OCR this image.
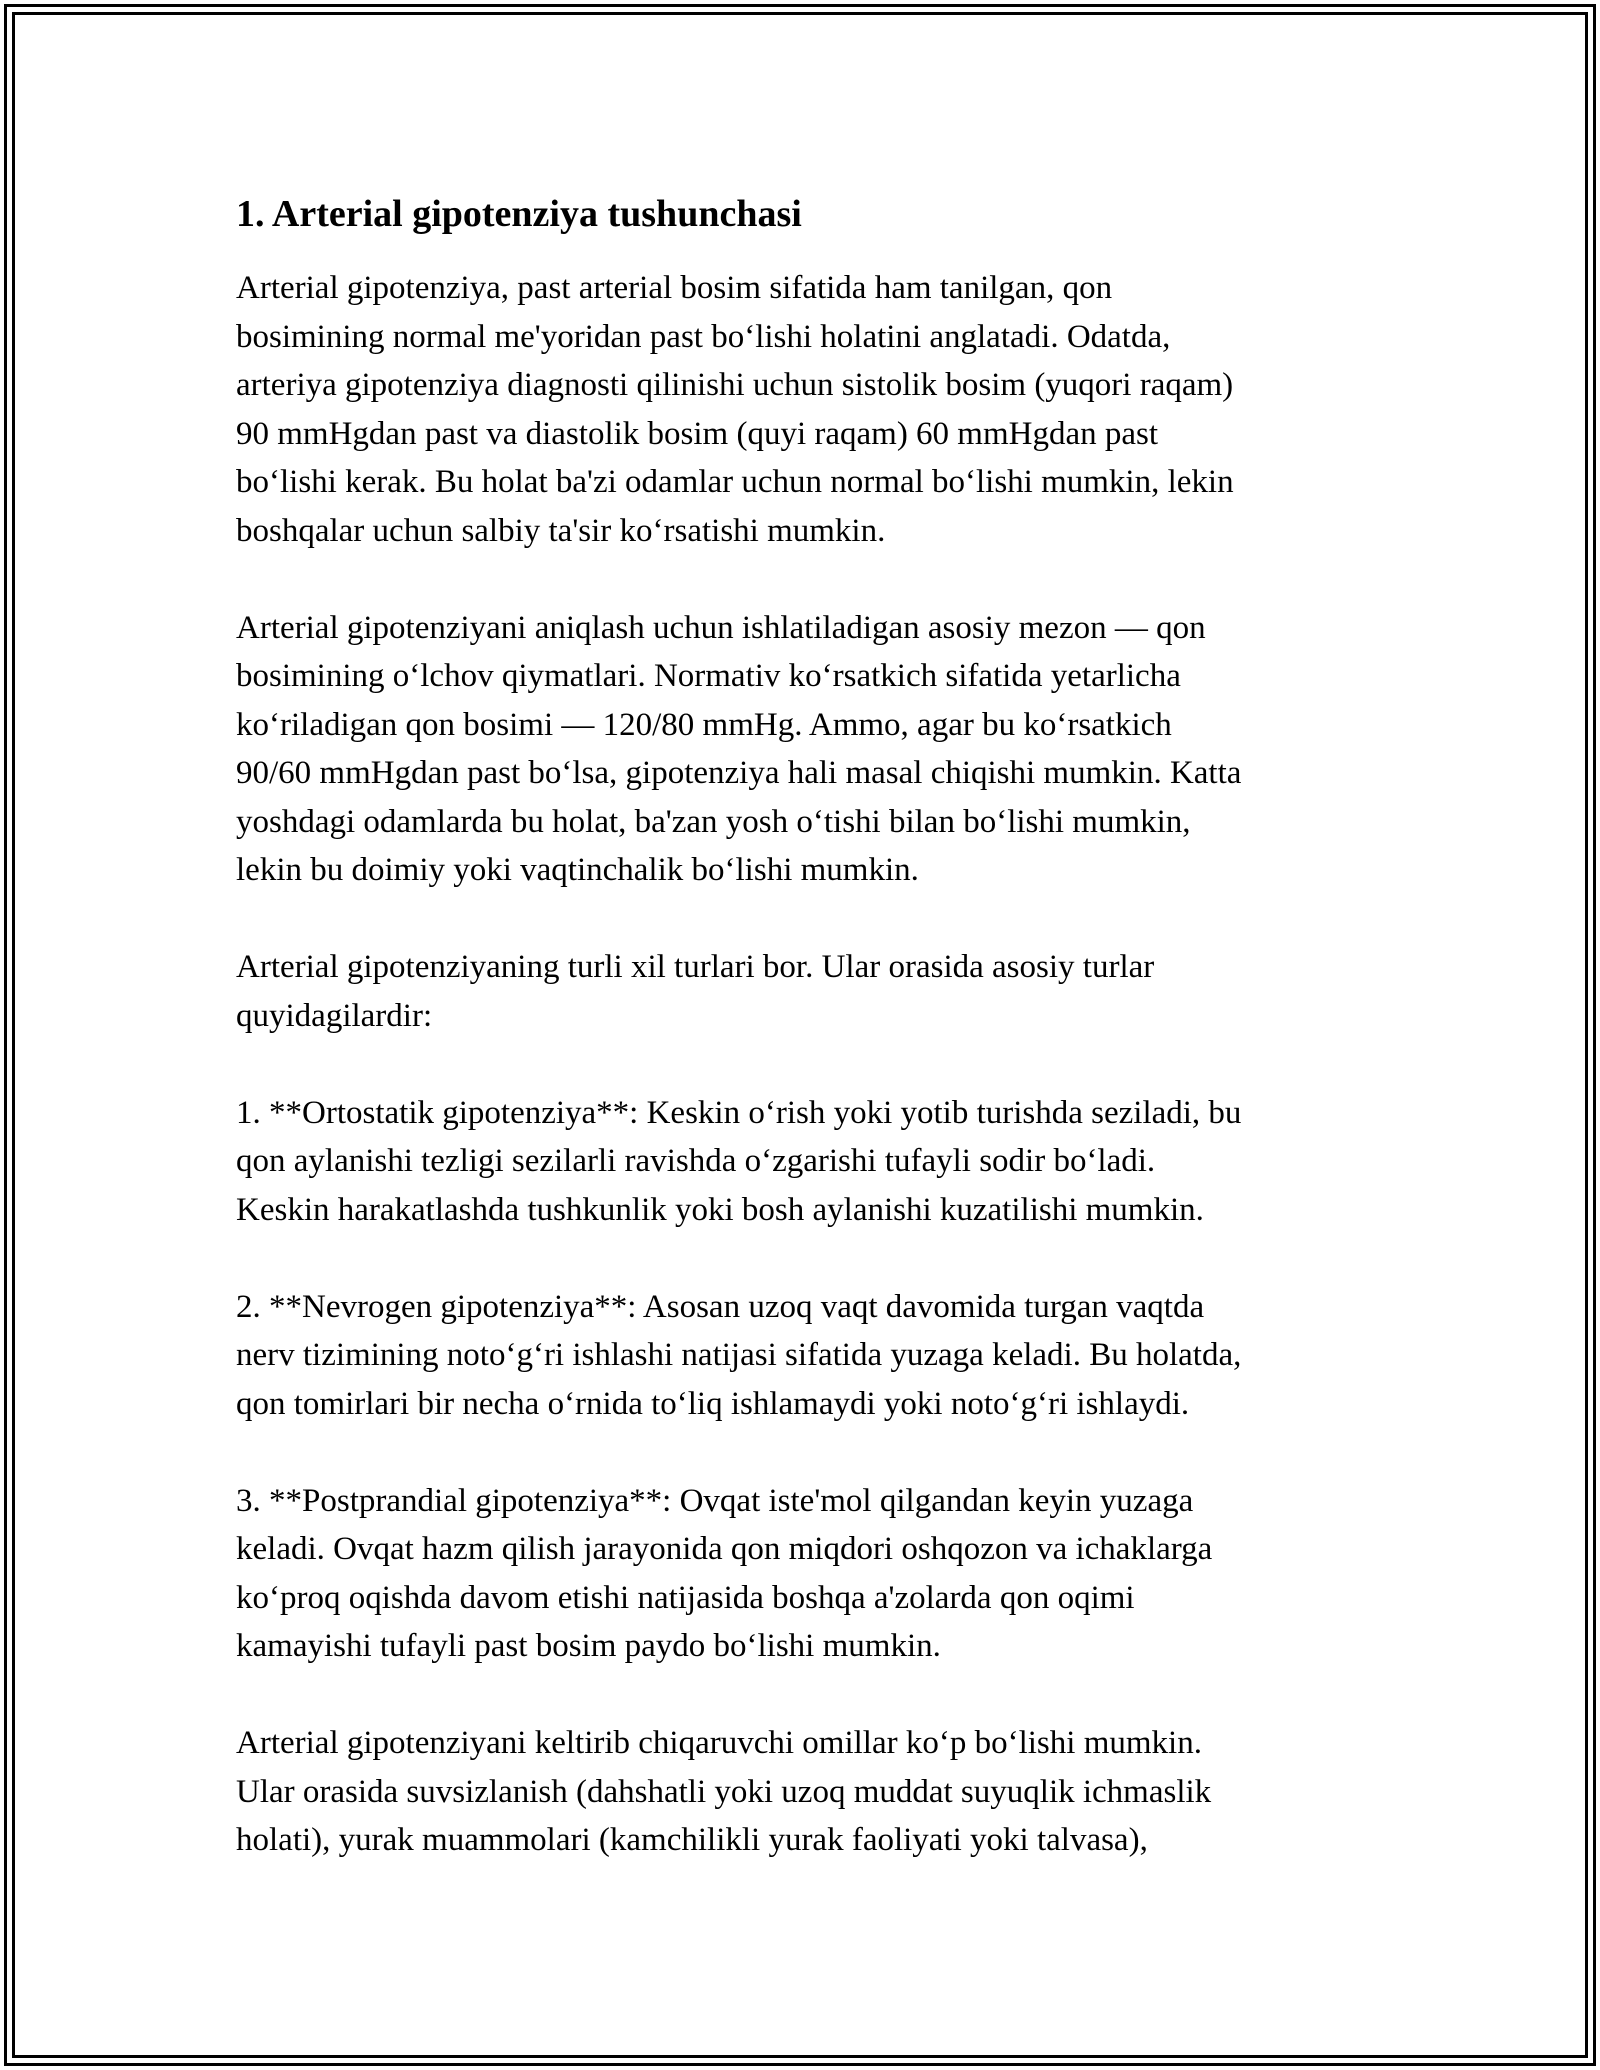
1. Arterial gipotenziya tushunchasi

Arterial gipotenziya, past arterial bosim sifatida ham tanilgan, qon

bosimining normal me'yoridan past bo‘lishi holatini anglatadi. Odatda,

arteriya gipotenziya diagnosti qilinishi uchun sistolik bosim (yuqori raqam)

90 mmHgdan past va diastolik bosim (quyi raqam) 60 mmHgdan past

bo‘lishi kerak. Bu holat ba'zi odamlar uchun normal bo‘lishi mumkin, lekin

boshqalar uchun salbiy ta'sir ko‘rsatishi mumkin.

Arterial gipotenziyani aniqlash uchun ishlatiladigan asosiy mezon — qon

bosimining o‘lchov qiymatlari. Normativ ko‘rsatkich sifatida yetarlicha

ko‘riladigan qon bosimi — 120/80 mmHg. Ammo, agar bu ko‘rsatkich

90/60 mmHgdan past bo‘lsa, gipotenziya hali masal chiqishi mumkin. Katta

yoshdagi odamlarda bu holat, ba'zan yosh o‘tishi bilan bo‘lishi mumkin,

lekin bu doimiy yoki vaqtinchalik bo‘lishi mumkin.

Arterial gipotenziyaning turli xil turlari bor. Ular orasida asosiy turlar

quyidagilardir:

1. **Ortostatik gipotenziya**: Keskin o‘rish yoki yotib turishda seziladi, bu

qon aylanishi tezligi sezilarli ravishda o‘zgarishi tufayli sodir bo‘ladi.

Keskin harakatlashda tushkunlik yoki bosh aylanishi kuzatilishi mumkin.

2. **Nevrogen gipotenziya**: Asosan uzoq vaqt davomida turgan vaqtda

nerv tizimining noto‘g‘ri ishlashi natijasi sifatida yuzaga keladi. Bu holatda,

qon tomirlari bir necha o‘rnida to‘liq ishlamaydi yoki noto‘g‘ri ishlaydi.

3. **Postprandial gipotenziya**: Ovqat iste'mol qilgandan keyin yuzaga

keladi. Ovqat hazm qilish jarayonida qon miqdori oshqozon va ichaklarga

ko‘proq oqishda davom etishi natijasida boshqa a'zolarda qon oqimi

kamayishi tufayli past bosim paydo bo‘lishi mumkin.

Arterial gipotenziyani keltirib chiqaruvchi omillar ko‘p bo‘lishi mumkin.

Ular orasida suvsizlanish (dahshatli yoki uzoq muddat suyuqlik ichmaslik

holati), yurak muammolari (kamchilikli yurak faoliyati yoki talvasa),
